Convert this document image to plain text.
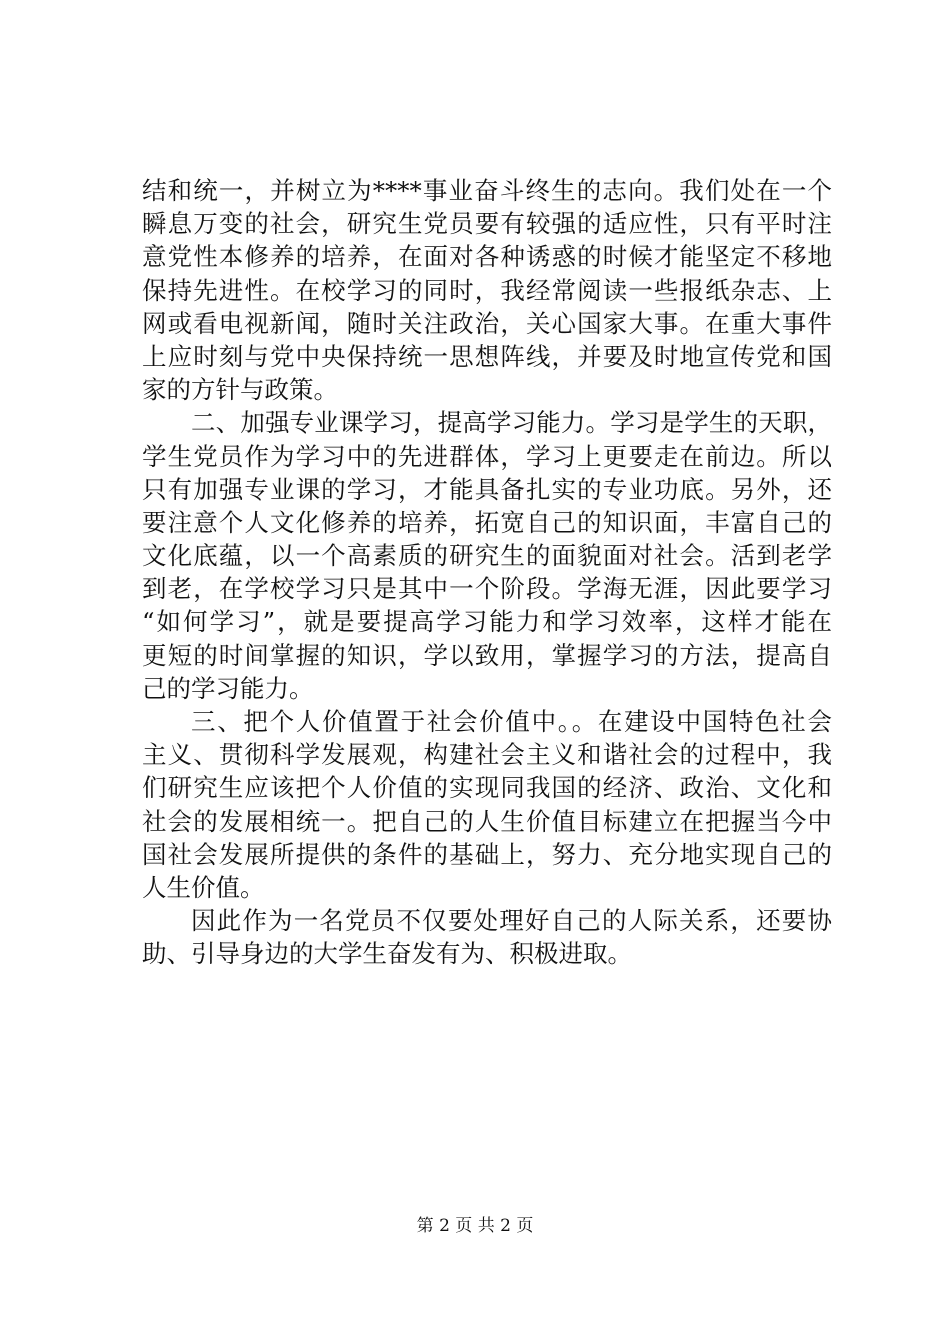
结和统一，并树立为****事业奋斗终生的志向。我们处在一个
瞬息万变的社会，研究生党员要有较强的适应性，只有平时注
意党性本修养的培养，在面对各种诱惑的时候才能坚定不移地
保持先进性。在校学习的同时，我经常阅读一些报纸杂志、上
网或看电视新闻，随时关注政治，关心国家大事。在重大事件
上应时刻与党中央保持统一思想阵线，并要及时地宣传党和国
家的方针与政策。
二、加强专业课学习，提高学习能力。学习是学生的天职，
学生党员作为学习中的先进群体，学习上更要走在前边。所以
只有加强专业课的学习，才能具备扎实的专业功底。另外，还
要注意个人文化修养的培养，拓宽自己的知识面，丰富自己的
文化底蕴，以一个高素质的研究生的面貌面对社会。活到老学
到老，在学校学习只是其中一个阶段。学海无涯，因此要学习
“如何学习”，就是要提高学习能力和学习效率，这样才能在
更短的时间掌握的知识，学以致用，掌握学习的方法，提高自
己的学习能力。
三、把个人价值置于社会价值中。。在建设中国特色社会
主义、贯彻科学发展观，构建社会主义和谐社会的过程中，我
们研究生应该把个人价值的实现同我国的经济、政治、文化和
社会的发展相统一。把自己的人生价值目标建立在把握当今中
国社会发展所提供的条件的基础上，努力、充分地实现自己的
人生价值。
因此作为一名党员不仅要处理好自己的人际关系，还要协
助、引导身边的大学生奋发有为、积极进取。
第 2 页 共 2 页
